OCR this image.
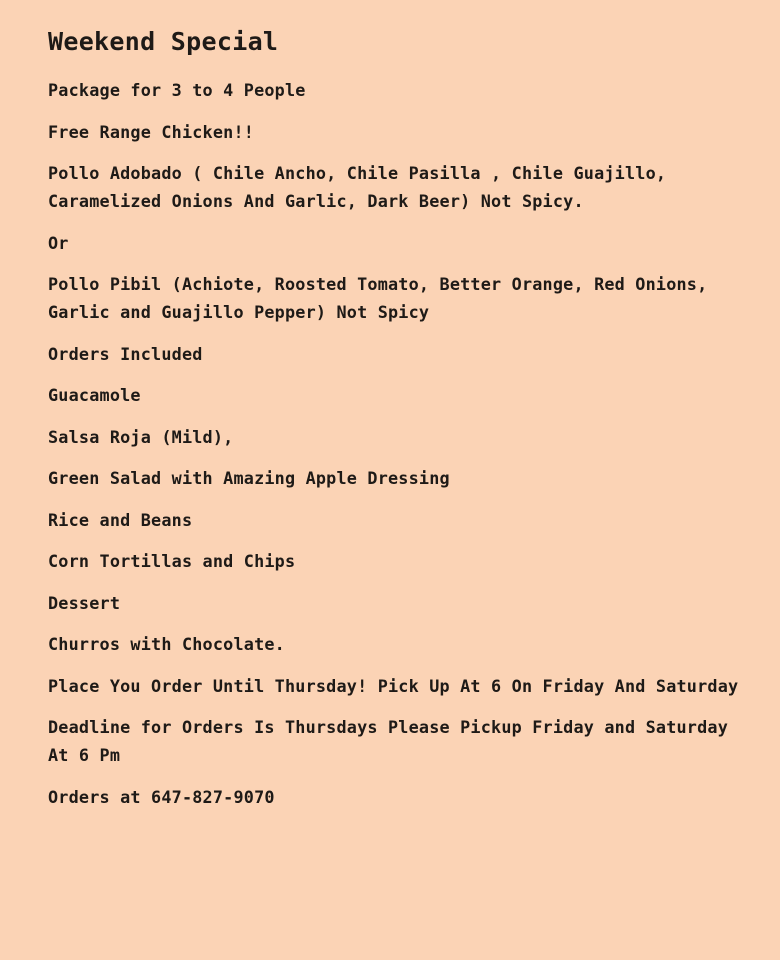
Weekend Special

Package for 3 to 4 People

Free Range Chicken!!

Pollo Adobado ( Chile Ancho, Chile Pasilla , Chile Guajillo, Caramelized Onions And Garlic, Dark Beer) Not Spicy.

Or

Pollo Pibil (Achiote, Roosted Tomato, Better Orange, Red Onions, Garlic and Guajillo Pepper) Not Spicy

Orders Included

Guacamole

Salsa Roja (Mild),

Green Salad with Amazing Apple Dressing

Rice and Beans

Corn Tortillas and Chips

Dessert

Churros with Chocolate.

Place You Order Until Thursday! Pick Up At 6 On Friday And Saturday

Deadline for Orders Is Thursdays Please Pickup Friday and Saturday At 6 Pm

Orders at 647-827-9070
